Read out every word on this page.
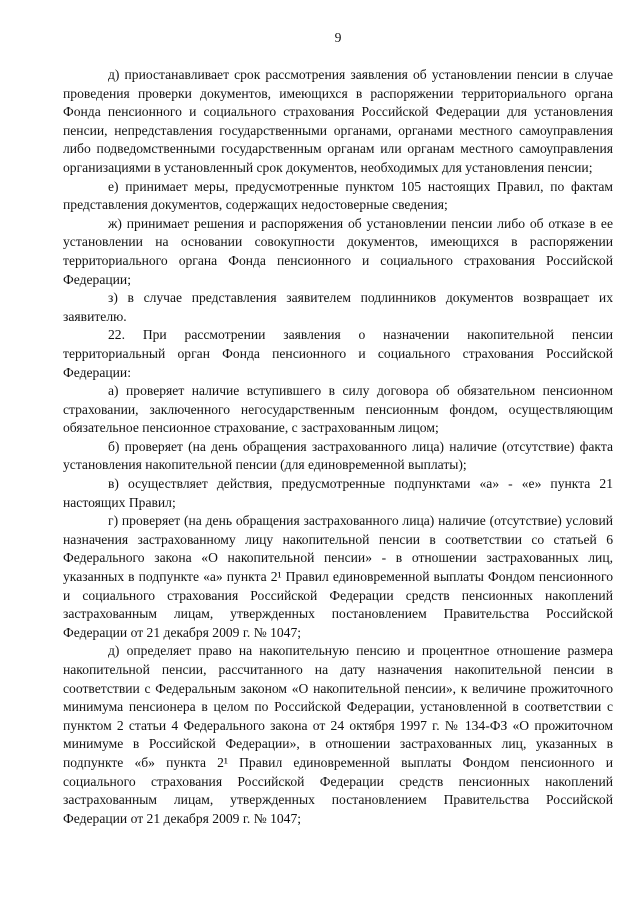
9

д) приостанавливает срок рассмотрения заявления об установлении пенсии в случае проведения проверки документов, имеющихся в распоряжении территориального органа Фонда пенсионного и социального страхования Российской Федерации для установления пенсии, непредставления государственными органами, органами местного самоуправления либо подведомственными государственным органам или органам местного самоуправления организациями в установленный срок документов, необходимых для установления пенсии;

е) принимает меры, предусмотренные пунктом 105 настоящих Правил, по фактам представления документов, содержащих недостоверные сведения;

ж) принимает решения и распоряжения об установлении пенсии либо об отказе в ее установлении на основании совокупности документов, имеющихся в распоряжении территориального органа Фонда пенсионного и социального страхования Российской Федерации;

з) в случае представления заявителем подлинников документов возвращает их заявителю.

22. При рассмотрении заявления о назначении накопительной пенсии территориальный орган Фонда пенсионного и социального страхования Российской Федерации:

а) проверяет наличие вступившего в силу договора об обязательном пенсионном страховании, заключенного негосударственным пенсионным фондом, осуществляющим обязательное пенсионное страхование, с застрахованным лицом;

б) проверяет (на день обращения застрахованного лица) наличие (отсутствие) факта установления накопительной пенсии (для единовременной выплаты);

в) осуществляет действия, предусмотренные подпунктами «а» - «е» пункта 21 настоящих Правил;

г) проверяет (на день обращения застрахованного лица) наличие (отсутствие) условий назначения застрахованному лицу накопительной пенсии в соответствии со статьей 6 Федерального закона «О накопительной пенсии» - в отношении застрахованных лиц, указанных в подпункте «а» пункта 2¹ Правил единовременной выплаты Фондом пенсионного и социального страхования Российской Федерации средств пенсионных накоплений застрахованным лицам, утвержденных постановлением Правительства Российской Федерации от 21 декабря 2009 г. № 1047;

д) определяет право на накопительную пенсию и процентное отношение размера накопительной пенсии, рассчитанного на дату назначения накопительной пенсии в соответствии с Федеральным законом «О накопительной пенсии», к величине прожиточного минимума пенсионера в целом по Российской Федерации, установленной в соответствии с пунктом 2 статьи 4 Федерального закона от 24 октября 1997 г. № 134-ФЗ «О прожиточном минимуме в Российской Федерации», в отношении застрахованных лиц, указанных в подпункте «б» пункта 2¹ Правил единовременной выплаты Фондом пенсионного и социального страхования Российской Федерации средств пенсионных накоплений застрахованным лицам, утвержденных постановлением Правительства Российской Федерации от 21 декабря 2009 г. № 1047;
